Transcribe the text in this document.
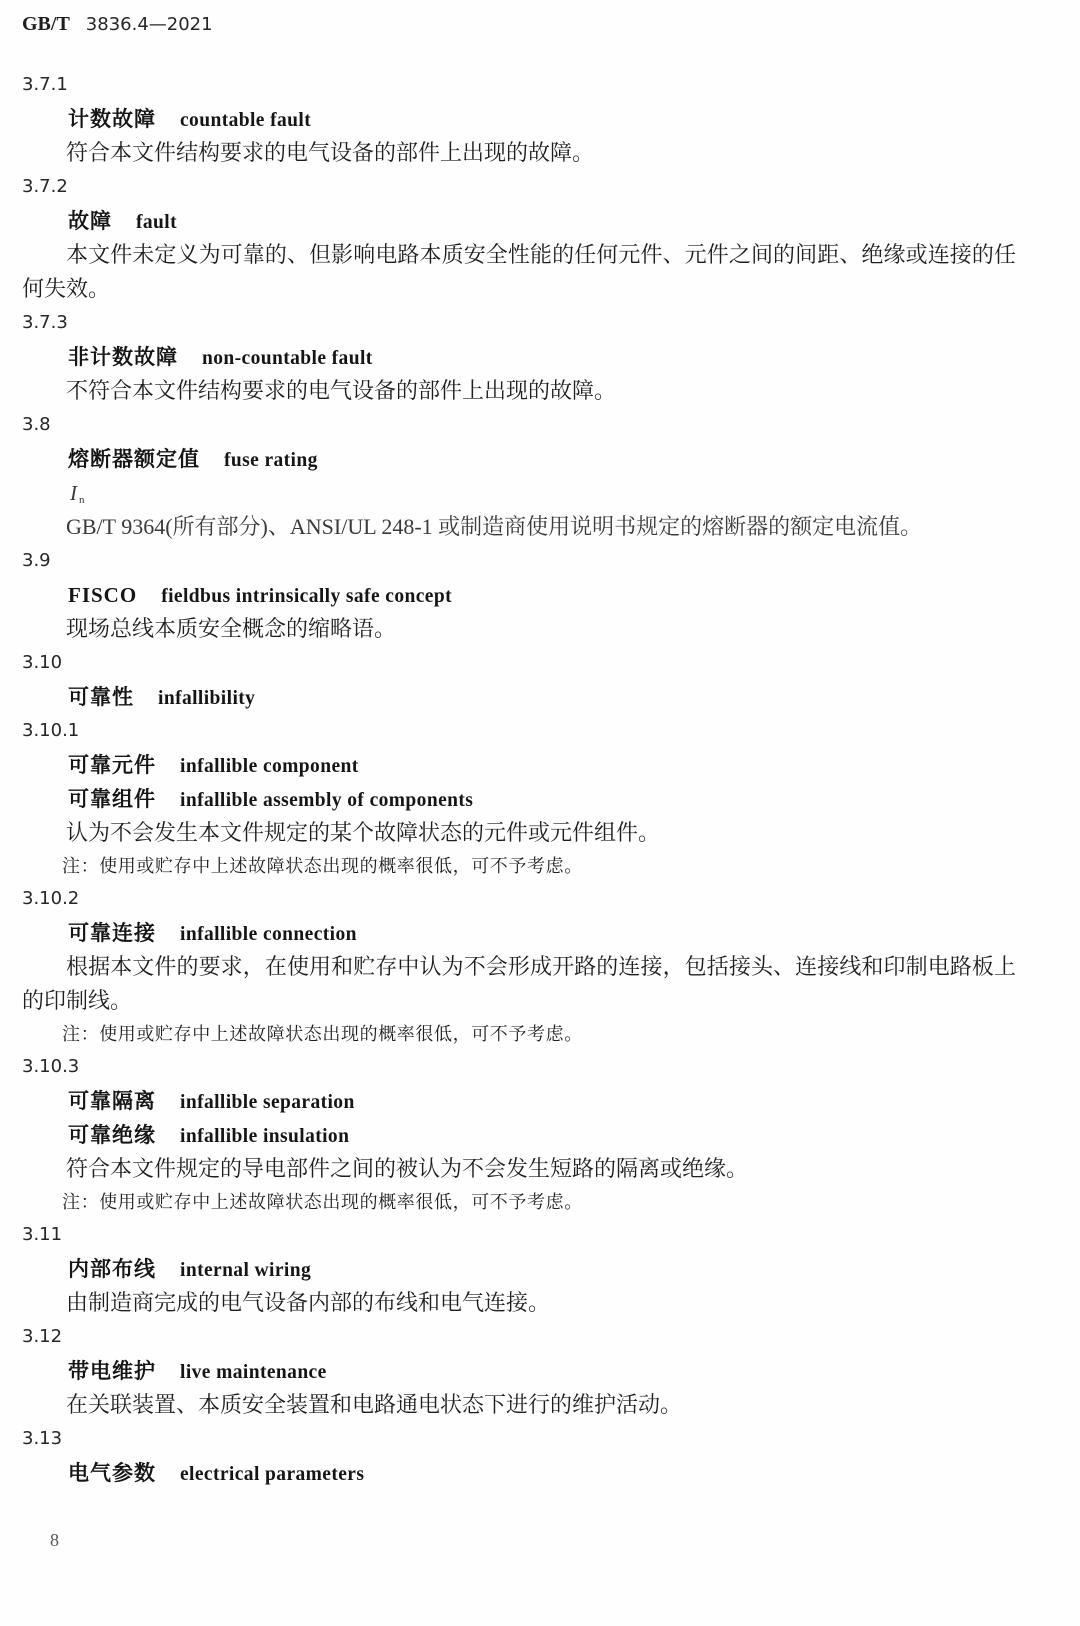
GB/T 3836.4—2021
3.7.1
计数故障 countable fault

符合本文件结构要求的电气设备的部件上出现的故障。

3.7.2
故障 fault

本文件未定义为可靠的、但影响电路本质安全性能的任何元件、元件之间的间距、绝缘或连接的任何失效。

3.7.3
非计数故障 non-countable fault

不符合本文件结构要求的电气设备的部件上出现的故障。

3.8
熔断器额定值 fuse rating
I $_n$

GB/T 9364(所有部分)、ANSI/UL 248-1 或制造商使用说明书规定的熔断器的额定电流值。

3.9
FISCO fieldbus intrinsically safe concept

现场总线本质安全概念的缩略语。

3.10
可靠性 infallibility
3.10.1
可靠元件 infallible component
可靠组件 infallible assembly of components

认为不会发生本文件规定的某个故障状态的元件或元件组件。

注：使用或贮存中上述故障状态出现的概率很低，可不予考虑。

3.10.2
可靠连接 infallible connection

根据本文件的要求，在使用和贮存中认为不会形成开路的连接，包括接头、连接线和印制电路板上的印制线。

注：使用或贮存中上述故障状态出现的概率很低，可不予考虑。

3.10.3
可靠隔离 infallible separation
可靠绝缘 infallible insulation

符合本文件规定的导电部件之间的被认为不会发生短路的隔离或绝缘。

注：使用或贮存中上述故障状态出现的概率很低，可不予考虑。

3.11
内部布线 internal wiring

由制造商完成的电气设备内部的布线和电气连接。

3.12
带电维护 live maintenance

在关联装置、本质安全装置和电路通电状态下进行的维护活动。

3.13
电气参数 electrical parameters
8
